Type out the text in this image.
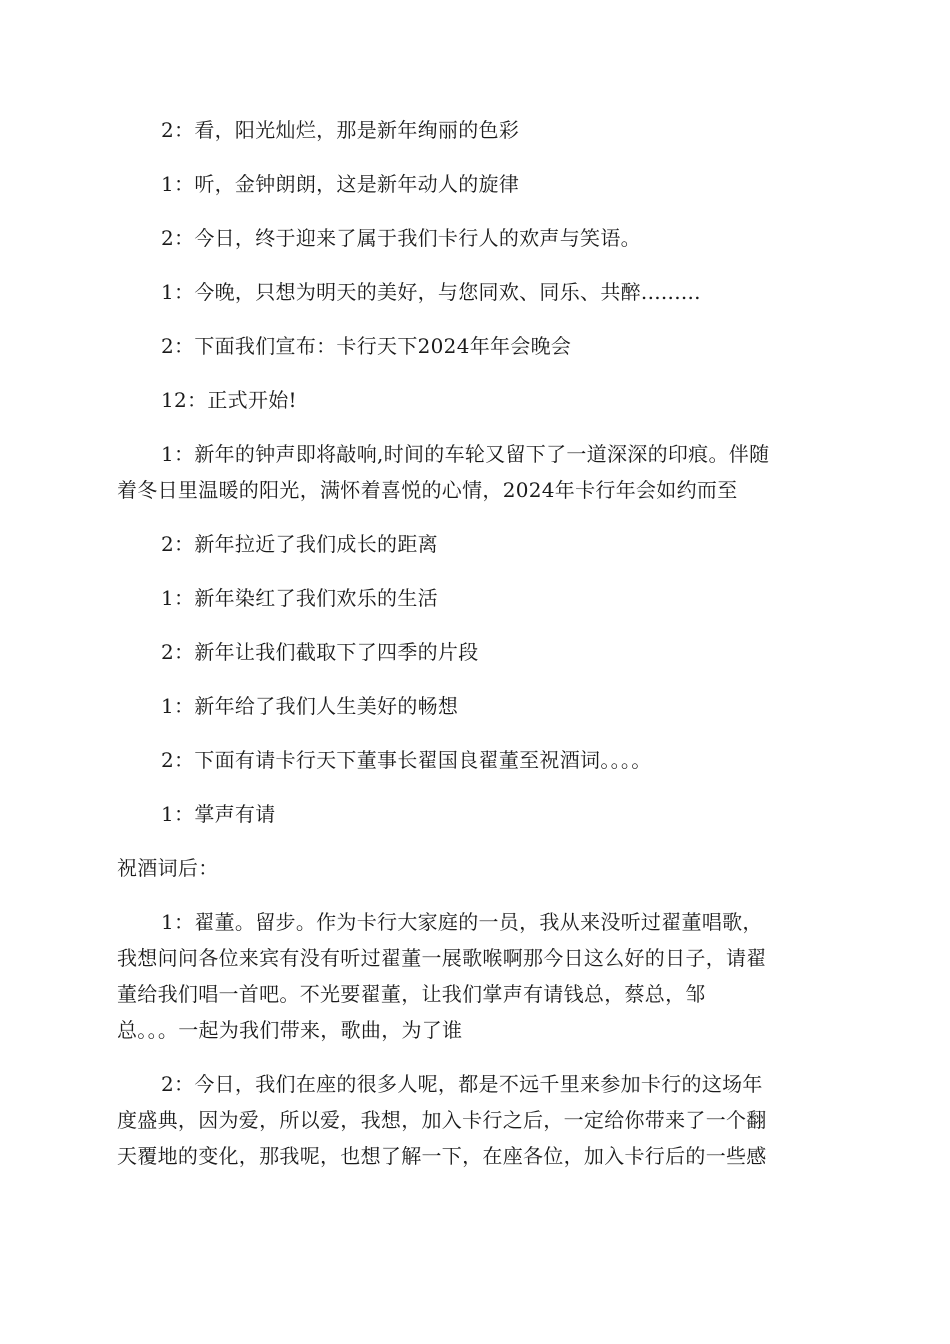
2：看，阳光灿烂，那是新年绚丽的色彩

1：听，金钟朗朗，这是新年动人的旋律

2：今日，终于迎来了属于我们卡行人的欢声与笑语。

1：今晚，只想为明天的美好，与您同欢、同乐、共醉.........

2：下面我们宣布：卡行天下2024年年会晚会

12：正式开始!

1：新年的钟声即将敲响,时间的车轮又留下了一道深深的印痕。伴随
着冬日里温暖的阳光，满怀着喜悦的心情，2024年卡行年会如约而至

2：新年拉近了我们成长的距离

1：新年染红了我们欢乐的生活

2：新年让我们截取下了四季的片段

1：新年给了我们人生美好的畅想

2：下面有请卡行天下董事长翟国良翟董至祝酒词。。。。

1：掌声有请

祝酒词后：

1：翟董。留步。作为卡行大家庭的一员，我从来没听过翟董唱歌，
我想问问各位来宾有没有听过翟董一展歌喉啊那今日这么好的日子，请翟
董给我们唱一首吧。不光要翟董，让我们掌声有请钱总，蔡总，邹
总。。。一起为我们带来，歌曲，为了谁

2：今日，我们在座的很多人呢，都是不远千里来参加卡行的这场年
度盛典，因为爱，所以爱，我想，加入卡行之后，一定给你带来了一个翻
天覆地的变化，那我呢，也想了解一下，在座各位，加入卡行后的一些感
